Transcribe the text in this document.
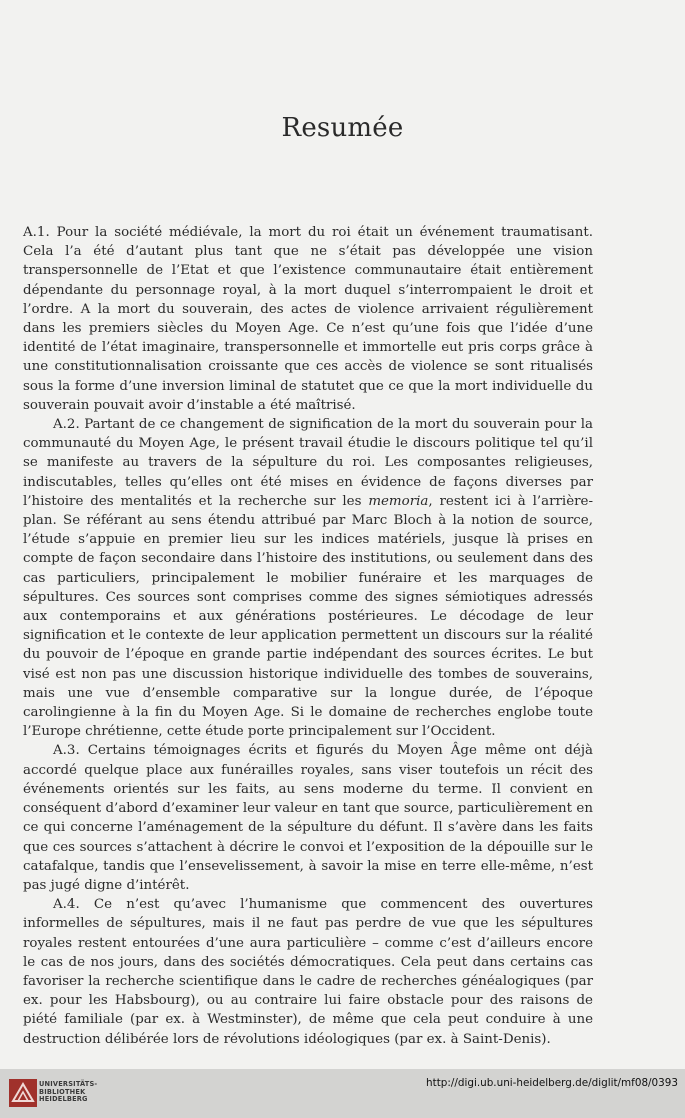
Resumée

A.1. Pour la société médiévale, la mort du roi était un événement traumatisant. Cela l’a été d’autant plus tant que ne s’était pas développée une vision transpersonnelle de l’Etat et que l’existence communautaire était entièrement dépendante du personnage royal, à la mort duquel s’interrompaient le droit et l’ordre. A la mort du souverain, des actes de violence arrivaient régulièrement dans les premiers siècles du Moyen Age. Ce n’est qu’une fois que l’idée d’une identité de l’état imaginaire, transpersonnelle et immortelle eut pris corps grâce à une constitutionnalisation croissante que ces accès de violence se sont ritualisés sous la forme d’une inversion liminal de statutet que ce que la mort individuelle du souverain pouvait avoir d’instable a été maîtrisé.

A.2. Partant de ce changement de signification de la mort du souverain pour la communauté du Moyen Age, le présent travail étudie le discours politique tel qu’il se manifeste au travers de la sépulture du roi. Les composantes religieuses, indiscutables, telles qu’elles ont été mises en évidence de façons diverses par l’histoire des mentalités et la recherche sur les memoria, restent ici à l’arrière-plan. Se référant au sens étendu attribué par Marc Bloch à la notion de source, l’étude s’appuie en premier lieu sur les indices matériels, jusque là prises en compte de façon secondaire dans l’histoire des institutions, ou seulement dans des cas particuliers, principalement le mobilier funéraire et les marquages de sépultures. Ces sources sont comprises comme des signes sémiotiques adressés aux contemporains et aux générations postérieures. Le décodage de leur signification et le contexte de leur application permettent un discours sur la réalité du pouvoir de l’époque en grande partie indépendant des sources écrites. Le but visé est non pas une discussion historique individuelle des tombes de souverains, mais une vue d’ensemble comparative sur la longue durée, de l’époque carolingienne à la fin du Moyen Age. Si le domaine de recherches englobe toute l’Europe chrétienne, cette étude porte principalement sur l’Occident.

A.3. Certains témoignages écrits et figurés du Moyen Âge même ont déjà accordé quelque place aux funérailles royales, sans viser toutefois un récit des événements orientés sur les faits, au sens moderne du terme. Il convient en conséquent d’abord d’examiner leur valeur en tant que source, particulièrement en ce qui concerne l’aménagement de la sépulture du défunt. Il s’avère dans les faits que ces sources s’attachent à décrire le convoi et l’exposition de la dépouille sur le catafalque, tandis que l’ensevelissement, à savoir la mise en terre elle-même, n’est pas jugé digne d’intérêt.

A.4. Ce n’est qu’avec l’humanisme que commencent des ouvertures informelles de sépultures, mais il ne faut pas perdre de vue que les sépultures royales restent entourées d’une aura particulière – comme c’est d’ailleurs encore le cas de nos jours, dans des sociétés démocratiques. Cela peut dans certains cas favoriser la recherche scientifique dans le cadre de recherches généalogiques (par ex. pour les Habsbourg), ou au contraire lui faire obstacle pour des raisons de piété familiale (par ex. à Westminster), de même que cela peut conduire à une destruction délibérée lors de révolutions idéologiques (par ex. à Saint-Denis).

UNIVERSITÄTS-
BIBLIOTHEK
HEIDELBERG
http://digi.ub.uni-heidelberg.de/diglit/mf08/0393
